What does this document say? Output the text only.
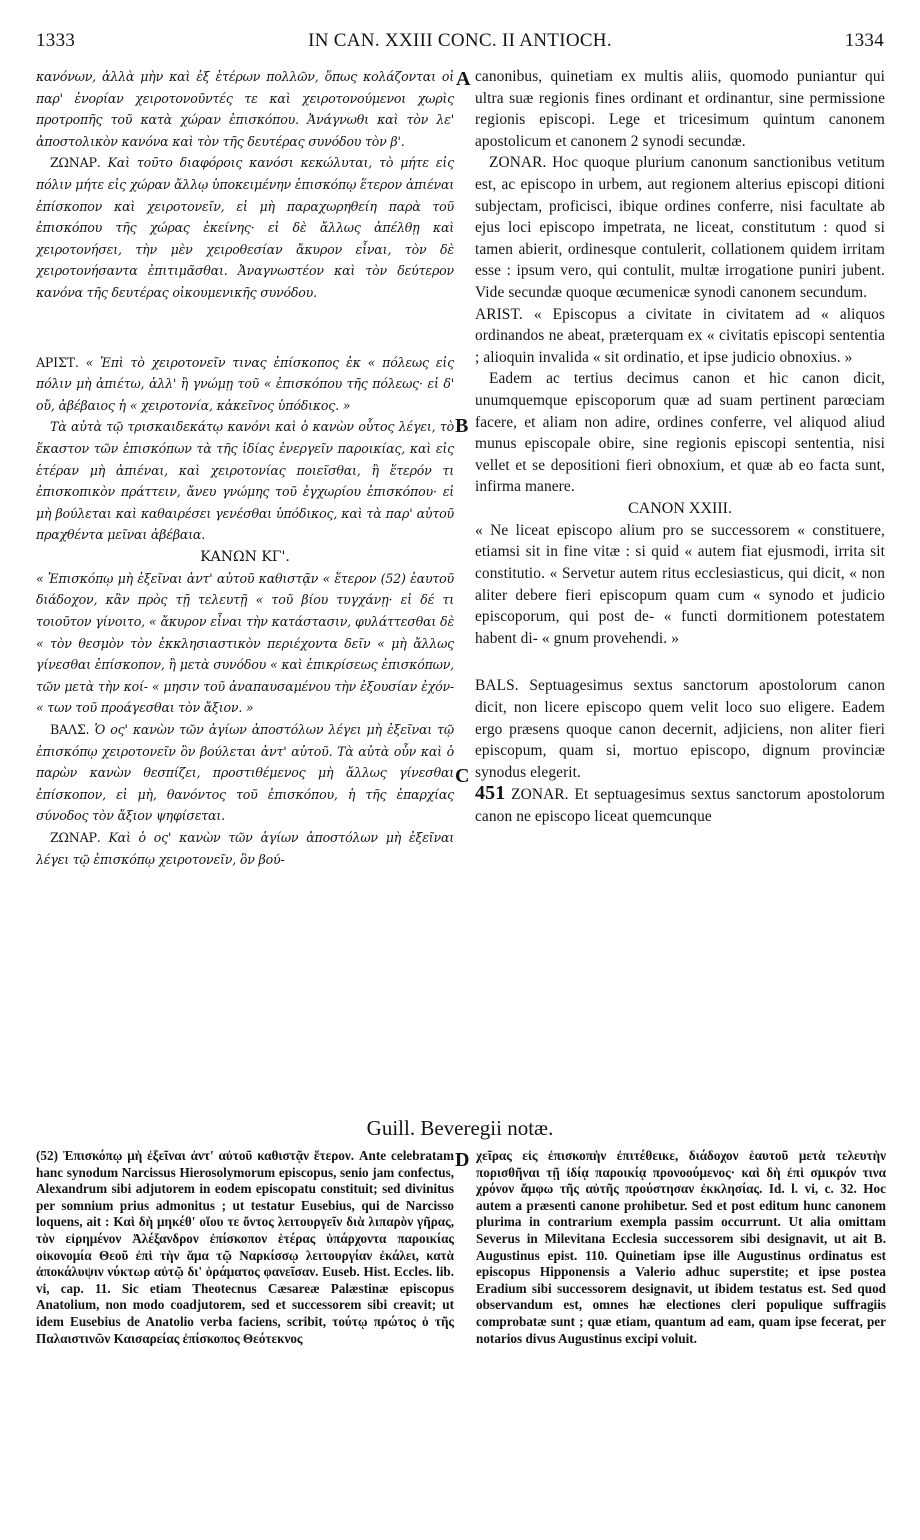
1333	IN CAN. XXIII CONC. II ANTIOCH.	1334
A
B
C
D

κανόνων, ἀλλὰ μὴν καὶ ἐξ ἑτέρων πολλῶν, ὅπως κολάζονται οἱ παρ' ἐνορίαν χειροτονοῦντές τε καὶ χειροτονούμενοι χωρὶς προτροπῆς τοῦ κατὰ χώραν ἐπισκόπου. Ἀνάγνωθι καὶ τὸν λε' ἀποστολικὸν κανόνα καὶ τὸν τῆς δευτέρας συνόδου τὸν β'.

ΖΩΝΑΡ. Καὶ τοῦτο διαφόροις κανόσι κεκώλυται, τὸ μήτε εἰς πόλιν μήτε εἰς χώραν ἄλλῳ ὑποκειμένην ἐπισκόπῳ ἕτερον ἀπιέναι ἐπίσκοπον καὶ χειροτονεῖν, εἰ μὴ παραχωρηθείη παρὰ τοῦ ἐπισκόπου τῆς χώρας ἐκείνης· εἰ δὲ ἄλλως ἀπέλθῃ καὶ χειροτονήσει, τὴν μὲν χειροθεσίαν ἄκυρον εἶναι, τὸν δὲ χειροτονήσαντα ἐπιτιμᾶσθαι. Ἀναγνωστέον καὶ τὸν δεύτερον κανόνα τῆς δευτέρας οἰκουμενικῆς συνόδου.

ΑΡΙΣΤ. « Ἐπὶ τὸ χειροτονεῖν τινας ἐπίσκοπος ἐκ « πόλεως εἰς πόλιν μὴ ἀπιέτω, ἀλλ' ἢ γνώμῃ τοῦ « ἐπισκόπου τῆς πόλεως· εἰ δ' οὔ, ἀβέβαιος ἡ « χειροτονία, κἀκεῖνος ὑπόδικος. »

Τὰ αὐτὰ τῷ τρισκαιδεκάτῳ κανόνι καὶ ὁ κανὼν οὗτος λέγει, τὸ ἕκαστον τῶν ἐπισκόπων τὰ τῆς ἰδίας ἐνεργεῖν παροικίας, καὶ εἰς ἑτέραν μὴ ἀπιέναι, καὶ χειροτονίας ποιεῖσθαι, ἢ ἕτερόν τι ἐπισκοπικὸν πράττειν, ἄνευ γνώμης τοῦ ἐγχωρίου ἐπισκόπου· εἰ μὴ βούλεται καὶ καθαιρέσει γενέσθαι ὑπόδικος, καὶ τὰ παρ' αὐτοῦ πραχθέντα μεῖναι ἀβέβαια.

ΚΑΝΩΝ ΚΓ'.

« Ἐπισκόπῳ μὴ ἐξεῖναι ἀντ' αὐτοῦ καθιστᾷν « ἕτερον (52) ἑαυτοῦ διάδοχον, κἂν πρὸς τῇ τελευτῇ « τοῦ βίου τυγχάνῃ· εἰ δέ τι τοιοῦτον γίνοιτο, « ἄκυρον εἶναι τὴν κατάστασιν, φυλάττεσθαι δὲ « τὸν θεσμὸν τὸν ἐκκλησιαστικὸν περιέχοντα δεῖν « μὴ ἄλλως γίνεσθαι ἐπίσκοπον, ἢ μετὰ συνόδου « καὶ ἐπικρίσεως ἐπισκόπων, τῶν μετὰ τὴν κοί- « μησιν τοῦ ἀναπαυσαμένου τὴν ἐξουσίαν ἐχόν- « των τοῦ προάγεσθαι τὸν ἄξιον. »

ΒΑΛΣ. Ὁ ος' κανὼν τῶν ἁγίων ἀποστόλων λέγει μὴ ἐξεῖναι τῷ ἐπισκόπῳ χειροτονεῖν ὃν βούλεται ἀντ' αὐτοῦ. Τὰ αὐτὰ οὖν καὶ ὁ παρὼν κανὼν θεσπίζει, προστιθέμενος μὴ ἄλλως γίνεσθαι ἐπίσκοπον, εἰ μὴ, θανόντος τοῦ ἐπισκόπου, ἡ τῆς ἐπαρχίας σύνοδος τὸν ἄξιον ψηφίσεται.

ΖΩΝΑΡ. Καὶ ὁ ος' κανὼν τῶν ἁγίων ἀποστόλων μὴ ἐξεῖναι λέγει τῷ ἐπισκόπῳ χειροτονεῖν, ὃν βού-

canonibus, quinetiam ex multis aliis, quomodo puniantur qui ultra suæ regionis fines ordinant et ordinantur, sine permissione regionis episcopi. Lege et tricesimum quintum canonem apostolicum et canonem 2 synodi secundæ.

ZONAR. Hoc quoque plurium canonum sanctionibus vetitum est, ac episcopo in urbem, aut regionem alterius episcopi ditioni subjectam, proficisci, ibique ordines conferre, nisi facultate ab ejus loci episcopo impetrata, ne liceat, constitutum : quod si tamen abierit, ordinesque contulerit, collationem quidem irritam esse : ipsum vero, qui contulit, multæ irrogatione puniri jubent. Vide secundæ quoque œcumenicæ synodi canonem secundum.

ARIST. « Episcopus a civitate in civitatem ad « aliquos ordinandos ne abeat, præterquam ex « civitatis episcopi sententia ; alioquin invalida « sit ordinatio, et ipse judicio obnoxius. »

Eadem ac tertius decimus canon et hic canon dicit, unumquemque episcoporum quæ ad suam pertinent parœciam facere, et aliam non adire, ordines conferre, vel aliquod aliud munus episcopale obire, sine regionis episcopi sententia, nisi vellet et se depositioni fieri obnoxium, et quæ ab eo facta sunt, infirma manere.

CANON XXIII.

« Ne liceat episcopo alium pro se successorem « constituere, etiamsi sit in fine vitæ : si quid « autem fiat ejusmodi, irrita sit constitutio. « Servetur autem ritus ecclesiasticus, qui dicit, « non aliter debere fieri episcopum quam cum « synodo et judicio episcoporum, qui post de- « functi dormitionem potestatem habent di- « gnum provehendi. »

BALS. Septuagesimus sextus sanctorum apostolorum canon dicit, non licere episcopo quem velit loco suo eligere. Eadem ergo præsens quoque canon decernit, adjiciens, non aliter fieri episcopum, quam si, mortuo episcopo, dignum provinciæ synodus elegerit.

451 ZONAR. Et septuagesimus sextus sanctorum apostolorum canon ne episcopo liceat quemcunque

Guill. Beveregii notæ.

(52) Ἐπισκόπῳ μὴ ἐξεῖναι ἀντ' αὐτοῦ καθιστᾷν ἕτερον. Ante celebratam hanc synodum Narcissus Hierosolymorum episcopus, senio jam confectus, Alexandrum sibi adjutorem in eodem episcopatu constituit; sed divinitus per somnium prius admonitus ; ut testatur Eusebius, qui de Narcisso loquens, ait : Καὶ δὴ μηκέθ' οἵου τε ὄντος λειτουργεῖν διὰ λιπαρὸν γῆρας, τὸν εἰρημένον Ἀλέξανδρον ἐπίσκοπον ἑτέρας ὑπάρχοντα παροικίας οἰκονομία Θεοῦ ἐπὶ τὴν ἅμα τῷ Ναρκίσσῳ λειτουργίαν ἐκάλει, κατὰ ἀποκάλυψιν νύκτωρ αὐτῷ δι' ὁράματος φανεῖσαν. Euseb. Hist. Eccles. lib. vi, cap. 11. Sic etiam Theotecnus Cæsareæ Palæstinæ episcopus Anatolium, non modo coadjutorem, sed et successorem sibi creavit; ut idem Eusebius de Anatolio verba faciens, scribit, τούτῳ πρώτος ὁ τῆς Παλαιστινῶν Καισαρείας ἐπίσκοπος Θεότεκνος

χεῖρας εἰς ἐπισκοπὴν ἐπιτέθεικε, διάδοχον ἑαυτοῦ μετὰ τελευτὴν πορισθῆναι τῇ ἰδίᾳ παροικίᾳ προνοούμενος· καὶ δὴ ἐπὶ σμικρόν τινα χρόνον ἄμφω τῆς αὐτῆς προύστησαν ἐκκλησίας. Id. l. vi, c. 32. Hoc autem a præsenti canone prohibetur. Sed et post editum hunc canonem plurima in contrarium exempla passim occurrunt. Ut alia omittam Severus in Milevitana Ecclesia successorem sibi designavit, ut ait B. Augustinus epist. 110. Quinetiam ipse ille Augustinus ordinatus est episcopus Hipponensis a Valerio adhuc superstite; et ipse postea Eradium sibi successorem designavit, ut ibidem testatus est. Sed quod observandum est, omnes hæ electiones cleri populique suffragiis comprobatæ sunt ; quæ etiam, quantum ad eam, quam ipse fecerat, per notarios divus Augustinus excipi voluit.
